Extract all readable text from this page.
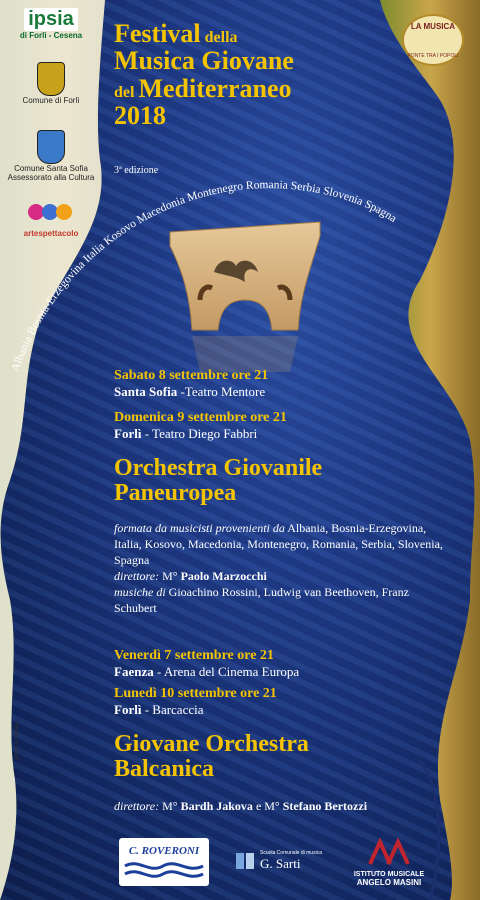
ipsia
di Forlì - Cesena
Comune di Forlì
Comune Santa Sofia
Assessorato alla Cultura
artespettacolo
LA MUSICA
PONTE TRA I POPOLI
Festival della
Musica Giovane
del Mediterraneo
2018
3ª edizione
Albania Bosnia-Erzegovina Italia Kosovo Macedonia Montenegro Romania Serbia Slovenia Spagna
Sabato 8 settembre ore 21
Santa Sofia -Teatro Mentore
Domenica 9 settembre ore 21
Forlì - Teatro Diego Fabbri
Orchestra Giovanile
Paneuropea
formata da musicisti provenienti da Albania, Bosnia-Erzegovina, Italia, Kosovo, Macedonia, Montenegro, Romania, Serbia, Slovenia, Spagna
direttore: M° Paolo Marzocchi
musiche di Gioachino Rossini, Ludwig van Beethoven, Franz Schubert
Venerdì 7 settembre ore 21
Faenza - Arena del Cinema Europa
Lunedì 10 settembre ore 21
Forlì - Barcaccia
Giovane Orchestra
Balcanica
direttore: M° Bardh Jakova e M° Stefano Bertozzi
grafica & stampa
C. ROVERONI	Scuola Comunale di musica
G. Sarti
ISTITUTO MUSICALE
ANGELO MASINI
